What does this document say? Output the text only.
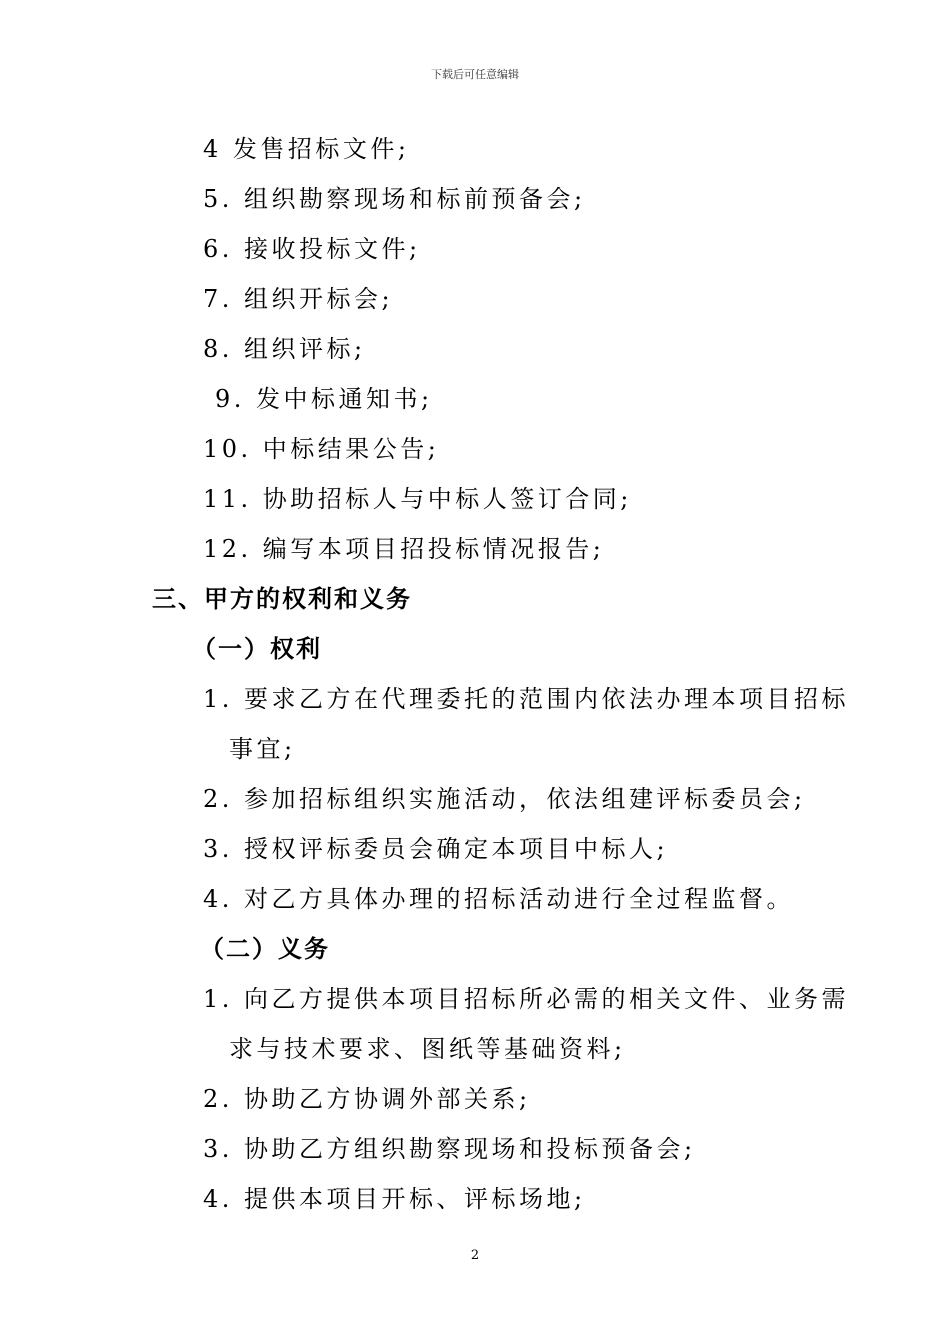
下载后可任意编辑
4 发售招标文件;
5. 组织勘察现场和标前预备会;
6. 接收投标文件;
7. 组织开标会;
8. 组织评标;
9. 发中标通知书;
10. 中标结果公告;
11. 协助招标人与中标人签订合同;
12. 编写本项目招投标情况报告;
三、甲方的权利和义务
（一）权利
1. 要求乙方在代理委托的范围内依法办理本项目招标
事宜;
2. 参加招标组织实施活动，依法组建评标委员会;
3. 授权评标委员会确定本项目中标人;
4. 对乙方具体办理的招标活动进行全过程监督。
（二）义务
1. 向乙方提供本项目招标所必需的相关文件、业务需
求与技术要求、图纸等基础资料;
2. 协助乙方协调外部关系;
3. 协助乙方组织勘察现场和投标预备会;
4. 提供本项目开标、评标场地;
2
